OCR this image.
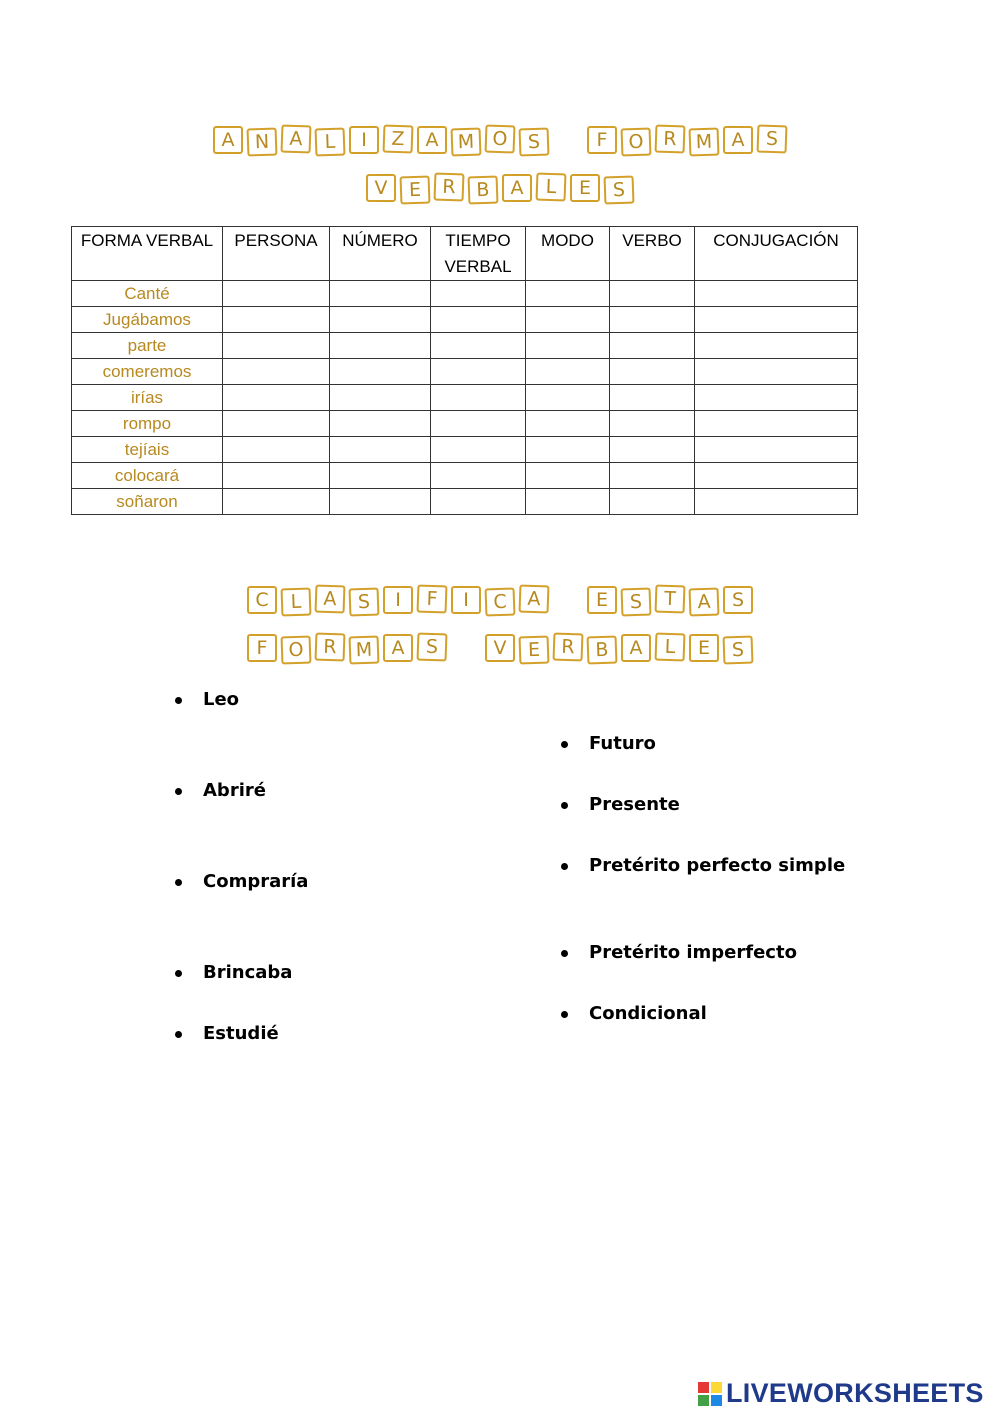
A	N	A	L	I	Z	A M O	S	F	O	R M A	S
V	E	R	B	A	L	E	S
FORMA VERBAL	PERSONA	NÚMERO	TIEMPO VERBAL	MODO	VERBO	CONJUGACIÓN
Canté						
Jugábamos						
parte						
comeremos						
irías						
rompo						
tejíais						
colocará						
soñaron						
C	L	A	S	I	F	I	C	A	E	S	T	A	S
F	O	R M A	S	V	E	R	B	A	L	E	S
Leo
Abriré
Compraría
Brincaba
Estudié
Futuro
Presente
Pretérito perfecto simple
Pretérito imperfecto
Condicional
LIVEWORKSHEETS
